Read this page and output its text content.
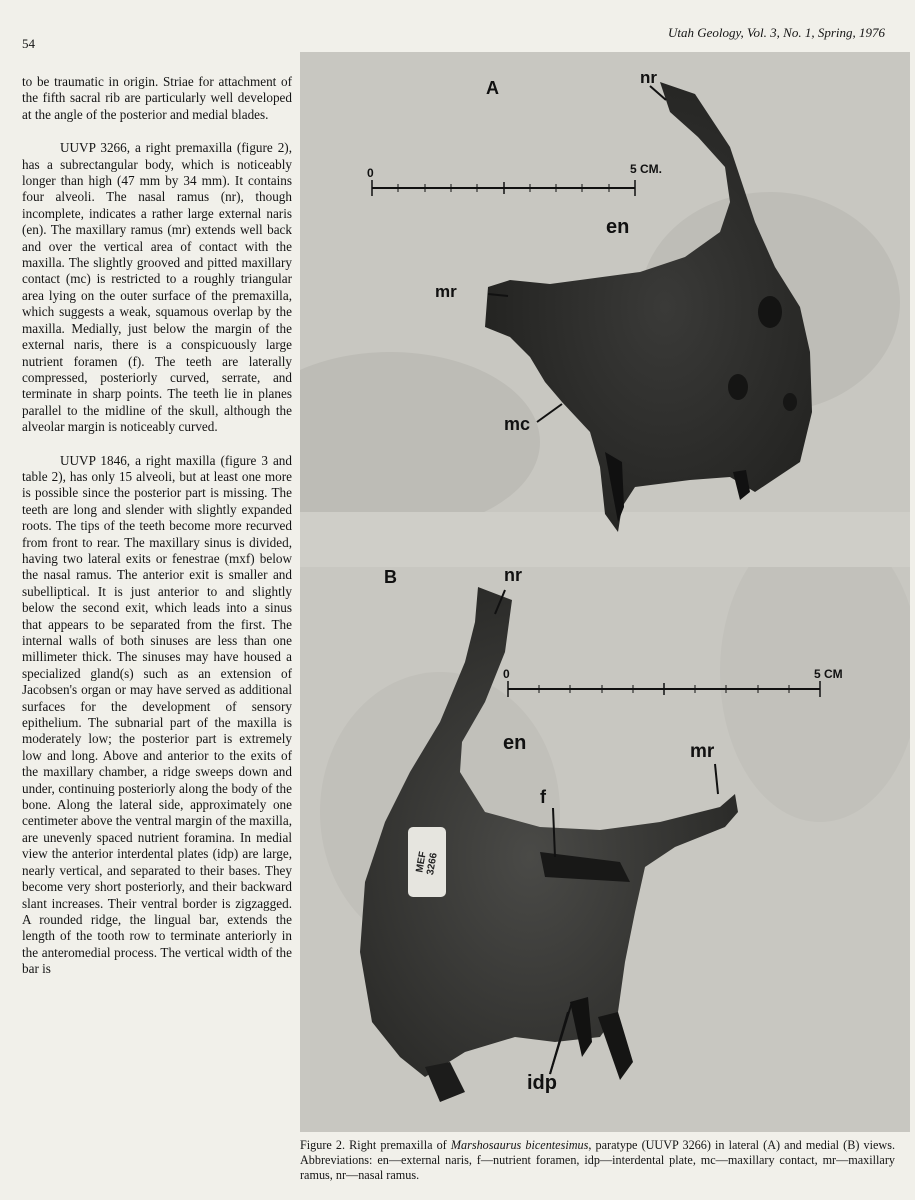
54
Utah Geology, Vol. 3, No. 1, Spring, 1976

to be traumatic in origin. Striae for attachment of the fifth sacral rib are particularly well developed at the angle of the posterior and medial blades.

UUVP 3266, a right premaxilla (figure 2), has a subrectangular body, which is noticeably longer than high (47 mm by 34 mm). It contains four alveoli. The nasal ramus (nr), though incomplete, indicates a rather large external naris (en). The maxillary ramus (mr) extends well back and over the vertical area of contact with the maxilla. The slightly grooved and pitted maxillary contact (mc) is restricted to a roughly triangular area lying on the outer surface of the premaxilla, which suggests a weak, squamous overlap by the maxilla. Medially, just below the margin of the external naris, there is a conspicuously large nutrient foramen (f). The teeth are laterally compressed, posteriorly curved, serrate, and terminate in sharp points. The teeth lie in planes parallel to the midline of the skull, although the alveolar margin is noticeably curved.

UUVP 1846, a right maxilla (figure 3 and table 2), has only 15 alveoli, but at least one more is possible since the posterior part is missing. The teeth are long and slender with slightly expanded roots. The tips of the teeth become more recurved from front to rear. The maxillary sinus is divided, having two lateral exits or fenestrae (mxf) below the nasal ramus. The anterior exit is smaller and subelliptical. It is just anterior to and slightly below the second exit, which leads into a sinus that appears to be separated from the first. The internal walls of both sinuses are less than one millimeter thick. The sinuses may have housed a specialized gland(s) such as an extension of Jacobsen's organ or may have served as additional surfaces for the development of sensory epithelium. The subnarial part of the maxilla is moderately low; the posterior part is extremely low and long. Above and anterior to the exits of the maxillary chamber, a ridge sweeps down and under, continuing posteriorly along the body of the bone. Along the lateral side, approximately one centimeter above the ventral margin of the maxilla, are unevenly spaced nutrient foramina. In medial view the anterior interdental plates (idp) are large, nearly vertical, and separated to their bases. They become very short posteriorly, and their backward slant increases. Their ventral border is zigzagged. A rounded ridge, the lingual bar, extends the length of the tooth row to terminate anteriorly in the anteromedial process. The vertical width of the bar is

A
nr
0	5 CM.
en
mr
mc
B	nr
0	5 CM
en	mr
f
MEF 3266
idp
Figure 2. Right premaxilla of Marshosaurus bicentesimus, paratype (UUVP 3266) in lateral (A) and medial (B) views. Abbreviations: en—external naris, f—nutrient foramen, idp—interdental plate, mc—maxillary contact, mr—maxillary ramus, nr—nasal ramus.
